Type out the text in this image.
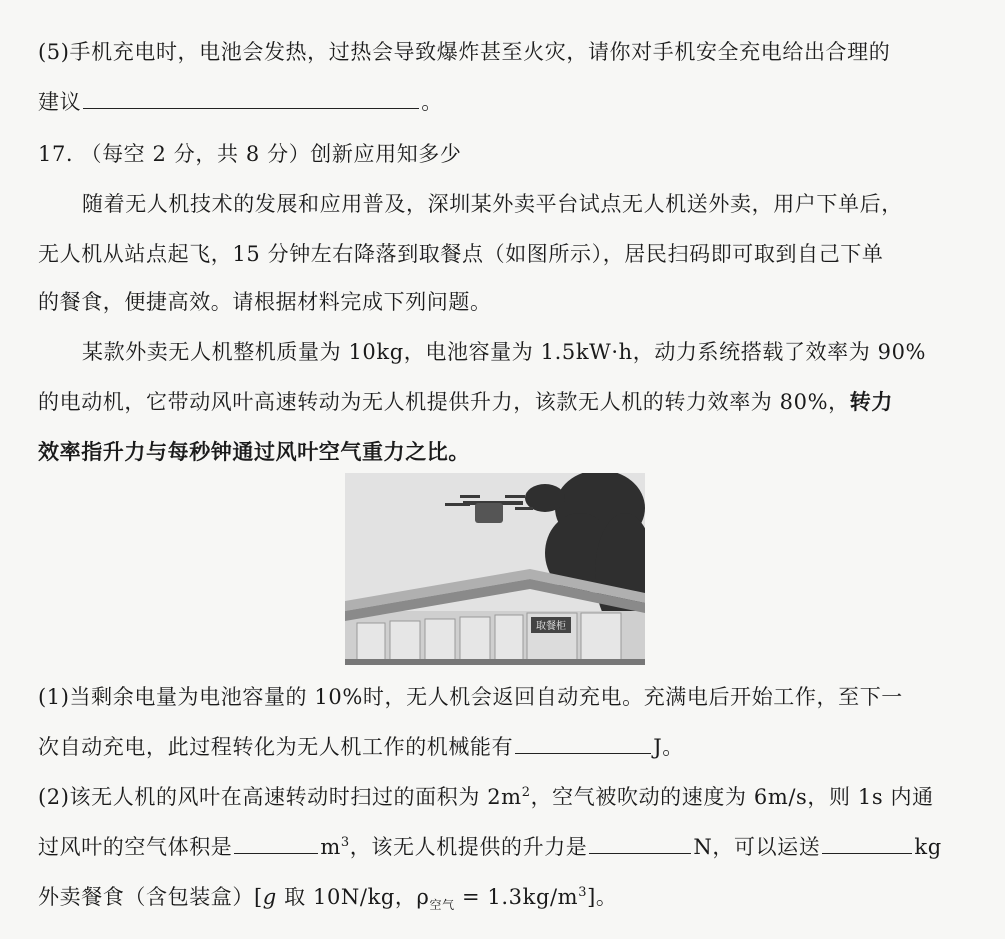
(5)手机充电时，电池会发热，过热会导致爆炸甚至火灾，请你对手机安全充电给出合理的
建议	。
17. （每空 2 分，共 8 分）创新应用知多少
随着无人机技术的发展和应用普及，深圳某外卖平台试点无人机送外卖，用户下单后，
无人机从站点起飞，15 分钟左右降落到取餐点（如图所示），居民扫码即可取到自己下单
的餐食，便捷高效。请根据材料完成下列问题。
某款外卖无人机整机质量为 10kg，电池容量为 1.5kW·h，动力系统搭载了效率为 90%
的电动机，它带动风叶高速转动为无人机提供升力，该款无人机的转力效率为 80%，转力
效率指升力与每秒钟通过风叶空气重力之比。
取餐柜
(1)当剩余电量为电池容量的 10%时，无人机会返回自动充电。充满电后开始工作，至下一
次自动充电，此过程转化为无人机工作的机械能有	J。
(2)该无人机的风叶在高速转动时扫过的面积为 $2m^2$，空气被吹动的速度为 6m/s，则 1s 内通
过风叶的空气体积是	$m^3$，该无人机提供的升力是	N，可以运送	kg
外卖餐食（含包装盒）[g 取 10N/kg，$\rho_{空气} = 1.3kg/m^3$]。
